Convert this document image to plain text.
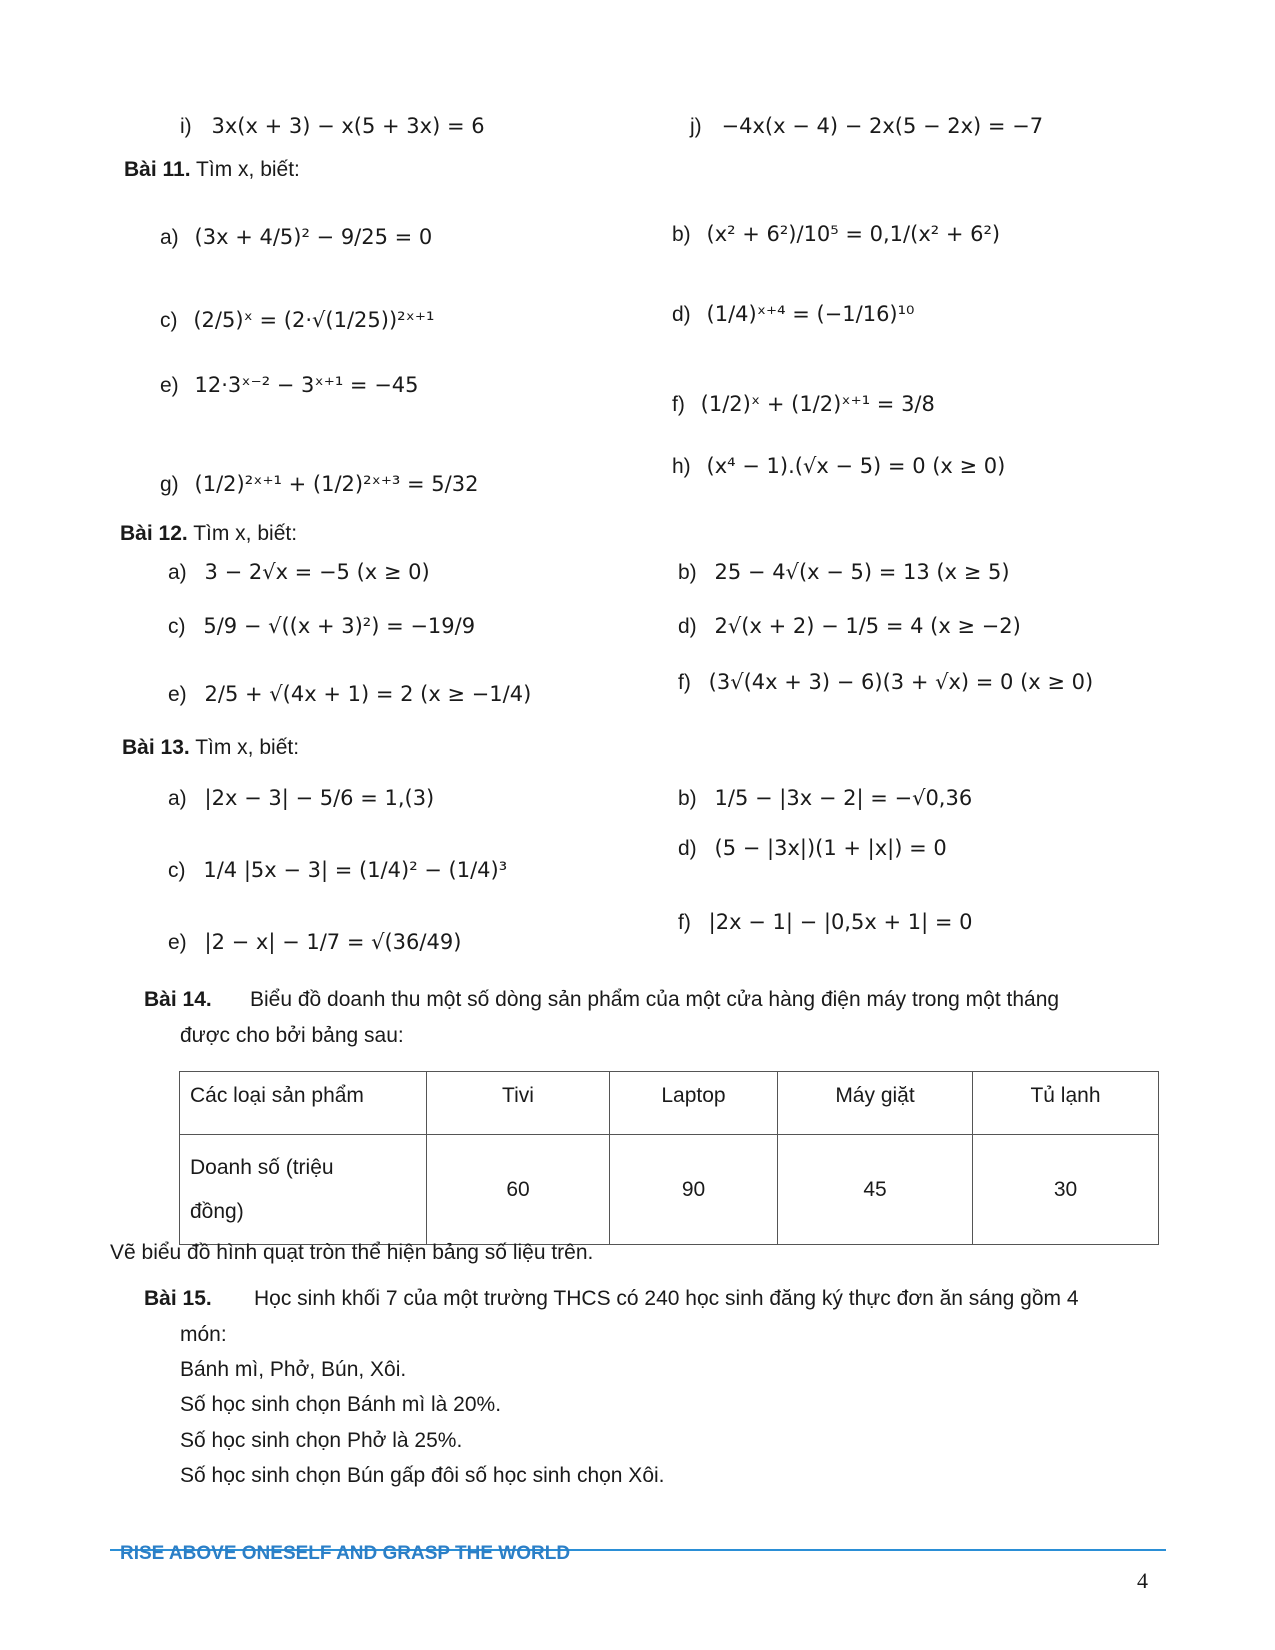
i) 3x(x + 3) − x(5 + 3x) = 6	j) −4x(x − 4) − 2x(5 − 2x) = −7
Bài 11. Tìm x, biết:
a) (3x + 4/5)² − 9/25 = 0	b) (x² + 6²)/10⁵ = 0,1/(x² + 6²)
c) (2/5)ˣ = (2·√(1/25))²ˣ⁺¹	d) (1/4)ˣ⁺⁴ = (−1/16)¹⁰
e) 12·3ˣ⁻² − 3ˣ⁺¹ = −45
f) (1/2)ˣ + (1/2)ˣ⁺¹ = 3/8
g) (1/2)²ˣ⁺¹ + (1/2)²ˣ⁺³ = 5/32
h) (x⁴ − 1).(√x − 5) = 0 (x ≥ 0)
Bài 12. Tìm x, biết:
a) 3 − 2√x = −5 (x ≥ 0)	b) 25 − 4√(x − 5) = 13 (x ≥ 5)
c) 5/9 − √((x + 3)²) = −19/9	d) 2√(x + 2) − 1/5 = 4 (x ≥ −2)
e) 2/5 + √(4x + 1) = 2 (x ≥ −1/4)	f) (3√(4x + 3) − 6)(3 + √x) = 0 (x ≥ 0)
Bài 13. Tìm x, biết:
a) |2x − 3| − 5/6 = 1,(3)	b) 1/5 − |3x − 2| = −√0,36
c) 1/4 |5x − 3| = (1/4)² − (1/4)³
d) (5 − |3x|)(1 + |x|) = 0
e) |2 − x| − 1/7 = √(36/49)
f) |2x − 1| − |0,5x + 1| = 0
Bài 14. Biểu đồ doanh thu một số dòng sản phẩm của một cửa hàng điện máy trong một tháng
được cho bởi bảng sau:
Các loại sản phẩm	Tivi	Laptop	Máy giặt	Tủ lạnh

Doanh số (triệu
đồng)	60	90	45	30
Vẽ biểu đồ hình quạt tròn thể hiện bảng số liệu trên.
Bài 15. Học sinh khối 7 của một trường THCS có 240 học sinh đăng ký thực đơn ăn sáng gồm 4
món:
Bánh mì, Phở, Bún, Xôi.
Số học sinh chọn Bánh mì là 20%.
Số học sinh chọn Phở là 25%.
Số học sinh chọn Bún gấp đôi số học sinh chọn Xôi.
RISE ABOVE ONESELF AND GRASP THE WORLD
4
